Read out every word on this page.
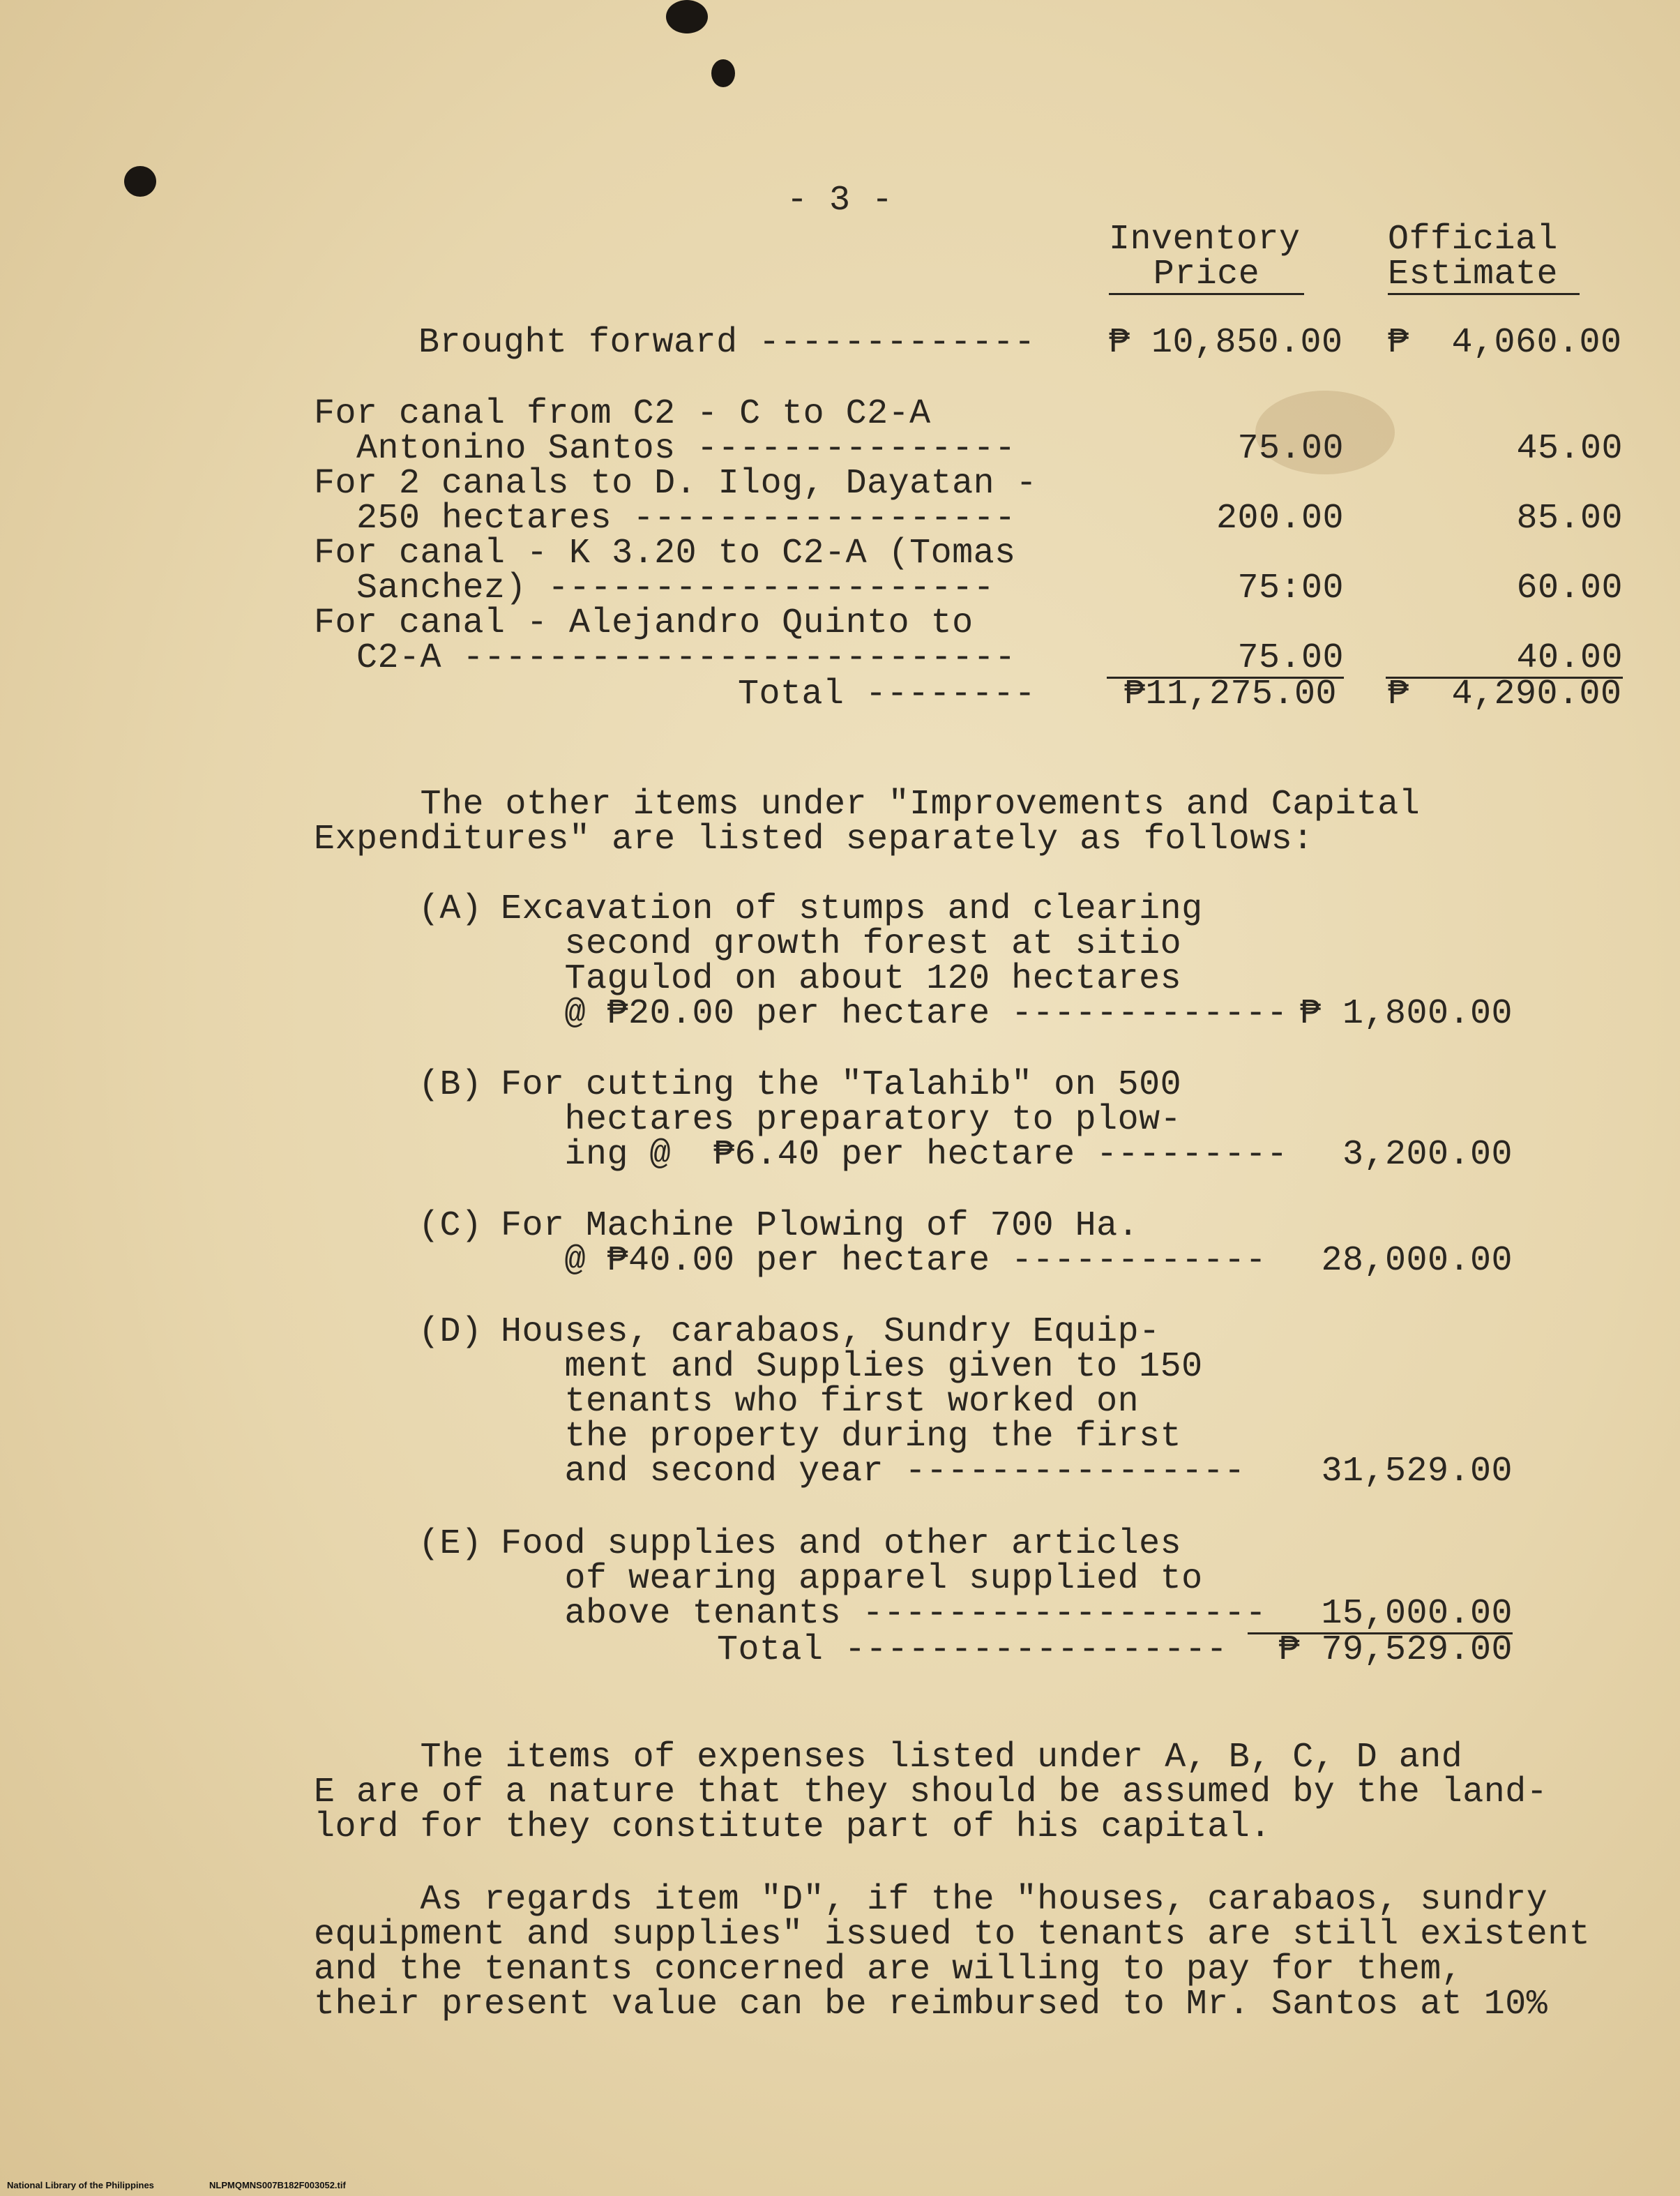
- 3 -
Inventory
Price
Official
Estimate
Brought forward ------------- ₱ 10,850.00 ₱  4,060.00
For canal from C2 - C to C2-A
Antonino Santos ---------------	75.00	45.00
For 2 canals to D. Ilog, Dayatan -
250 hectares ------------------	200.00	85.00
For canal - K 3.20 to C2-A (Tomas
Sanchez) ---------------------	75:00	60.00
For canal - Alejandro Quinto to
C2-A --------------------------	75.00	40.00
Total --------	₱11,275.00 ₱  4,290.00
The other items under "Improvements and Capital
Expenditures" are listed separately as follows:
(A) Excavation of stumps and clearing
second growth forest at sitio
Tagulod on about 120 hectares
@ ₱20.00 per hectare ------------- ₱ 1,800.00
(B) For cutting the "Talahib" on 500
hectares preparatory to plow-
ing @  ₱6.40 per hectare --------- 3,200.00
(C) For Machine Plowing of 700 Ha.
@ ₱40.00 per hectare ------------ 28,000.00
(D) Houses, carabaos, Sundry Equip-
ment and Supplies given to 150
tenants who first worked on
the property during the first
and second year ---------------- 31,529.00
(E) Food supplies and other articles
of wearing apparel supplied to
above tenants -------------------	15,000.00
Total ------------------ ₱ 79,529.00
The items of expenses listed under A, B, C, D and
E are of a nature that they should be assumed by the land-
lord for they constitute part of his capital.
As regards item "D", if the "houses, carabaos, sundry
equipment and supplies" issued to tenants are still existent
and the tenants concerned are willing to pay for them,
their present value can be reimbursed to Mr. Santos at 10%
National Library of the Philippines	NLPMQMNS007B182F003052.tif
